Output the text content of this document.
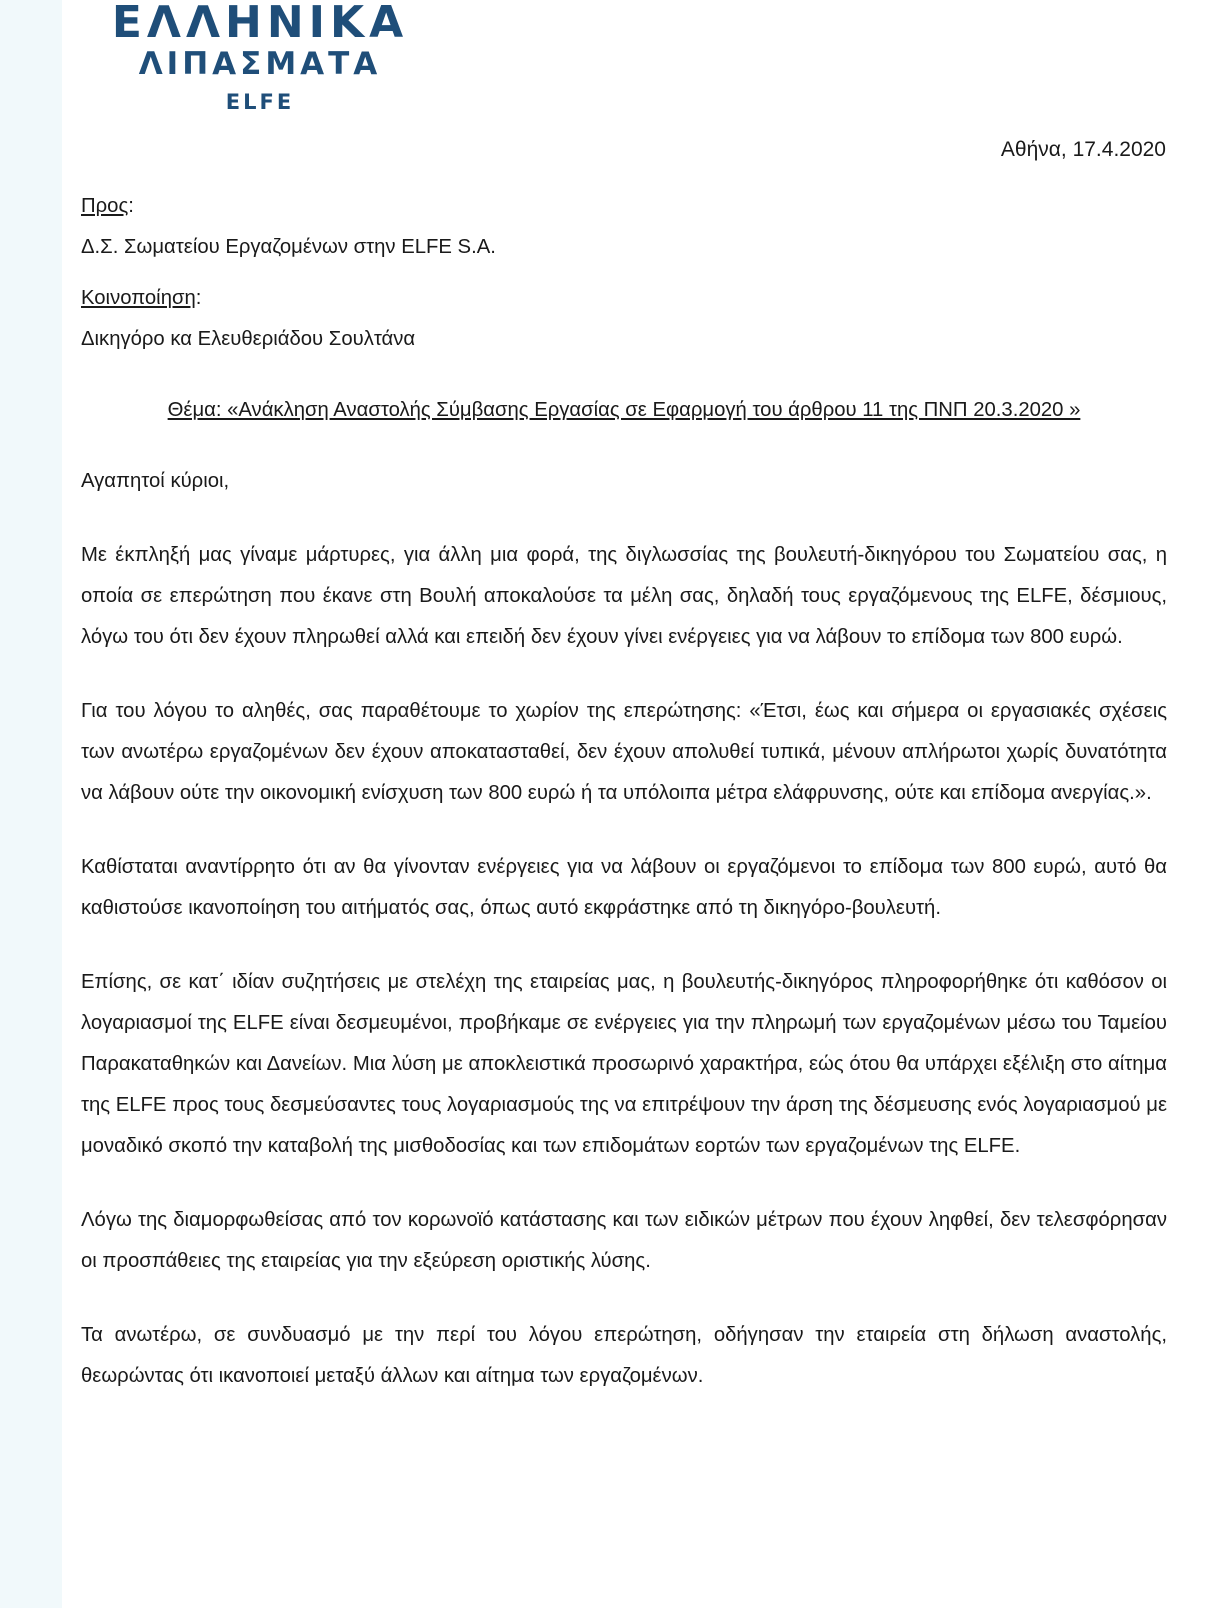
ΕΛΛΗΝΙΚΑ
ΛΙΠΑΣΜΑΤΑ
ELFE
Αθήνα, 17.4.2020

Προς:

Δ.Σ. Σωματείου Εργαζομένων στην ELFE S.A.

Κοινοποίηση:

Δικηγόρο κα Ελευθεριάδου Σουλτάνα

Θέμα: «Ανάκληση Αναστολής Σύμβασης Εργασίας σε Εφαρμογή του άρθρου 11 της ΠΝΠ 20.3.2020 »

Αγαπητοί κύριοι,

Με έκπληξή μας γίναμε μάρτυρες, για άλλη μια φορά, της διγλωσσίας της βουλευτή-δικηγόρου του Σωματείου σας, η οποία σε επερώτηση που έκανε στη Βουλή αποκαλούσε τα μέλη σας, δηλαδή τους εργαζόμενους της ELFE, δέσμιους, λόγω του ότι δεν έχουν πληρωθεί αλλά και επειδή δεν έχουν γίνει ενέργειες για να λάβουν το επίδομα των 800 ευρώ.

Για του λόγου το αληθές, σας παραθέτουμε το χωρίον της επερώτησης: «Έτσι, έως και σήμερα οι εργασιακές σχέσεις των ανωτέρω εργαζομένων δεν έχουν αποκατασταθεί, δεν έχουν απολυθεί τυπικά, μένουν απλήρωτοι χωρίς δυνατότητα να λάβουν ούτε την οικονομική ενίσχυση των 800 ευρώ ή τα υπόλοιπα μέτρα ελάφρυνσης, ούτε και επίδομα ανεργίας.».

Καθίσταται αναντίρρητο ότι αν θα γίνονταν ενέργειες για να λάβουν οι εργαζόμενοι το επίδομα των 800 ευρώ, αυτό θα καθιστούσε ικανοποίηση του αιτήματός σας, όπως αυτό εκφράστηκε από τη δικηγόρο-βουλευτή.

Επίσης, σε κατ΄ ιδίαν συζητήσεις με στελέχη της εταιρείας μας, η βουλευτής-δικηγόρος πληροφορήθηκε ότι καθόσον οι λογαριασμοί της ELFE είναι δεσμευμένοι, προβήκαμε σε ενέργειες για την πληρωμή των εργαζομένων μέσω του Ταμείου Παρακαταθηκών και Δανείων. Μια λύση με αποκλειστικά προσωρινό χαρακτήρα, εώς ότου θα υπάρχει εξέλιξη στο αίτημα της ELFE προς τους δεσμεύσαντες τους λογαριασμούς της να επιτρέψουν την άρση της δέσμευσης ενός λογαριασμού με μοναδικό σκοπό την καταβολή της μισθοδοσίας και των επιδομάτων εορτών των εργαζομένων της ELFE.

Λόγω της διαμορφωθείσας από τον κορωνοϊό κατάστασης και των ειδικών μέτρων που έχουν ληφθεί, δεν τελεσφόρησαν οι προσπάθειες της εταιρείας για την εξεύρεση οριστικής λύσης.

Τα ανωτέρω, σε συνδυασμό με την περί του λόγου επερώτηση, οδήγησαν την εταιρεία στη δήλωση αναστολής, θεωρώντας ότι ικανοποιεί μεταξύ άλλων και αίτημα των εργαζομένων.
